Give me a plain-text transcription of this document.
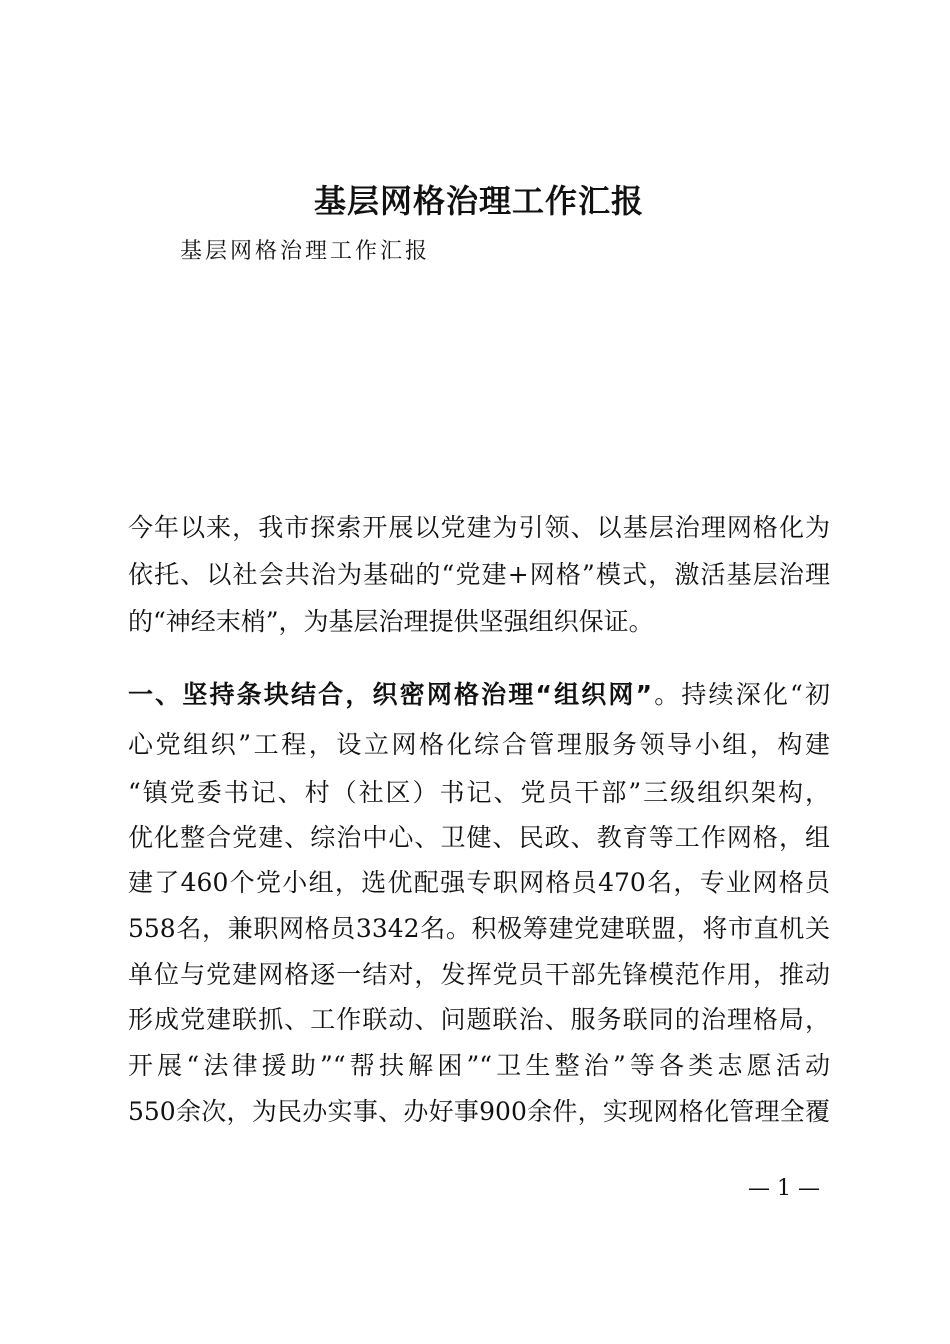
基层网格治理工作汇报
基层网格治理工作汇报
今年以来，我市探索开展以党建为引领、以基层治理网格化为
依托、以社会共治为基础的“党建+网格”模式，激活基层治理
的“神经末梢”，为基层治理提供坚强组织保证。
一、坚持条块结合，织密网格治理“组织网”。持续深化“初
心党组织”工程，设立网格化综合管理服务领导小组，构建
“镇党委书记、村（社区）书记、党员干部”三级组织架构，
优化整合党建、综治中心、卫健、民政、教育等工作网格，组
建了460个党小组，选优配强专职网格员470名，专业网格员
558名，兼职网格员3342名。积极筹建党建联盟，将市直机关
单位与党建网格逐一结对，发挥党员干部先锋模范作用，推动
形成党建联抓、工作联动、问题联治、服务联同的治理格局，
开展“法律援助”“帮扶解困”“卫生整治”等各类志愿活动
550余次，为民办实事、办好事900余件，实现网格化管理全覆
— 1 —
